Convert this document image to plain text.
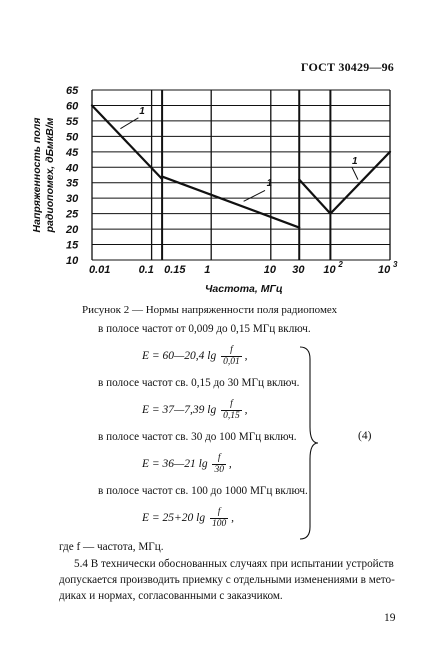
ГОСТ 30429—96
10
15
20
25
30
35
40
45
50
55
60
65
0.01	0.1 0.15 1	10 30 10 2	10 3
1
1
1
Частота, МГц
Напряженность поля радиопомех, дБмкВ/м
Рисунок 2 — Нормы напряженности поля радиопомех
в полосе частот от 0,009 до 0,15 МГц включ.
E = 60—20,4 $\lg \frac{f}{0,01}$ ,
в полосе частот св. 0,15 до 30 МГц включ.
E = 37—7,39 $\lg \frac{f}{0,15}$ ,
в полосе частот св. 30 до 100 МГц включ.
E = 36—21 $\lg \frac{f}{30}$ ,
в полосе частот св. 100 до 1000 МГц включ.
E = 25+20 $\lg \frac{f}{100}$ ,
(4)
где f — частота, МГц.
5.4 В технически обоснованных случаях при испытании устройств
допускается производить приемку с отдельными изменениями в мето-
диках и нормах, согласованными с заказчиком.
19
